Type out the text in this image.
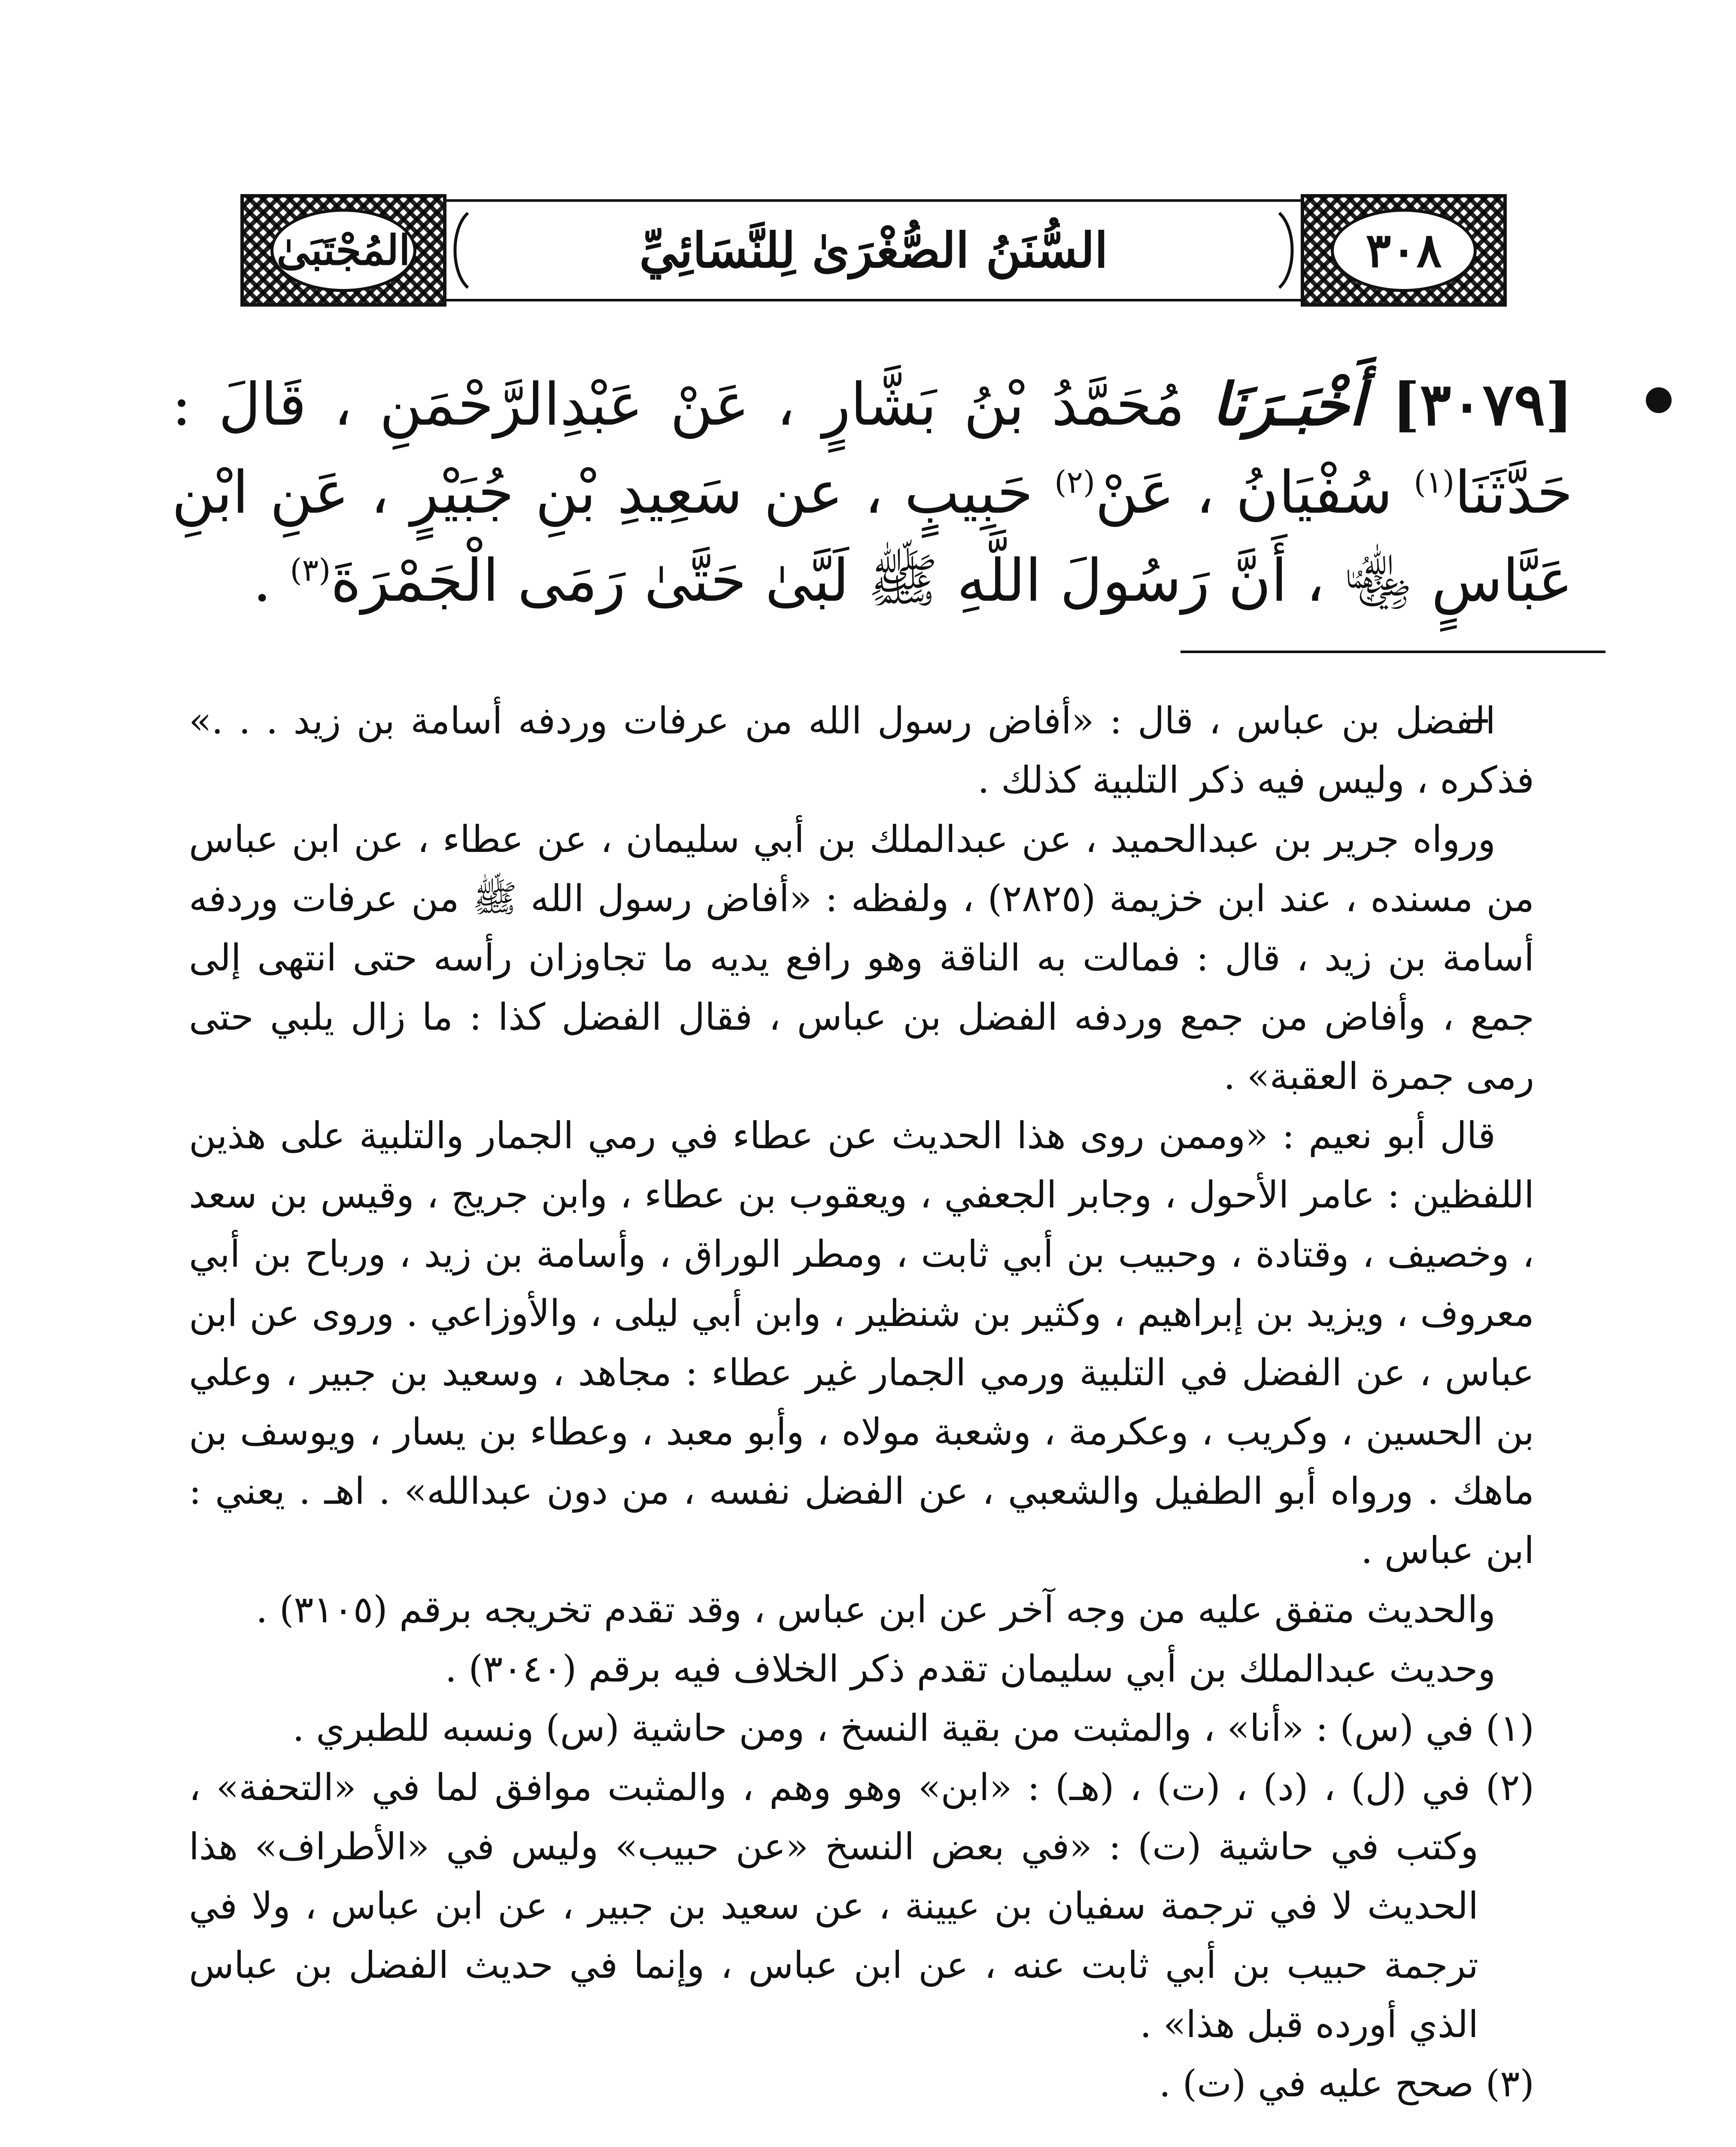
المُجْتَبَىٰ	السُّنَنُ الصُّغْرَىٰ لِلنَّسَائِيِّ	٣٠٨
[٣٠٧٩] أَخْبَـرَنَا مُحَمَّدُ بْنُ بَشَّارٍ ، عَنْ عَبْدِالرَّحْمَنِ ، قَالَ : حَدَّثَنَا$^{(١)}$ سُفْيَانُ ، عَنْ$^{(٢)}$ حَبِيبٍ ، عن سَعِيدِ بْنِ جُبَيْرٍ ، عَنِ ابْنِ عَبَّاسٍ ﵄ ، أَنَّ رَسُولَ اللَّهِ ﷺ لَبَّىٰ حَتَّىٰ رَمَى الْجَمْرَةَ$^{(٣)}$ .

الفضل بن عباس ، قال : «أفاض رسول الله من عرفات وردفه أسامة بن زيد . . .» فذكره ، وليس فيه ذكر التلبية كذلك .

ورواه جرير بن عبدالحميد ، عن عبدالملك بن أبي سليمان ، عن عطاء ، عن ابن عباس من مسنده ، عند ابن خزيمة (٢٨٢٥) ، ولفظه : «أفاض رسول الله ﷺ من عرفات وردفه أسامة بن زيد ، قال : فمالت به الناقة وهو رافع يديه ما تجاوزان رأسه حتى انتهى إلى جمع ، وأفاض من جمع وردفه الفضل بن عباس ، فقال الفضل كذا : ما زال يلبي حتى رمى جمرة العقبة» .

قال أبو نعيم : «وممن روى هذا الحديث عن عطاء في رمي الجمار والتلبية على هذين اللفظين : عامر الأحول ، وجابر الجعفي ، ويعقوب بن عطاء ، وابن جريج ، وقيس بن سعد ، وخصيف ، وقتادة ، وحبيب بن أبي ثابت ، ومطر الوراق ، وأسامة بن زيد ، ورباح بن أبي معروف ، ويزيد بن إبراهيم ، وكثير بن شنظير ، وابن أبي ليلى ، والأوزاعي . وروى عن ابن عباس ، عن الفضل في التلبية ورمي الجمار غير عطاء : مجاهد ، وسعيد بن جبير ، وعلي بن الحسين ، وكريب ، وعكرمة ، وشعبة مولاه ، وأبو معبد ، وعطاء بن يسار ، ويوسف بن ماهك . ورواه أبو الطفيل والشعبي ، عن الفضل نفسه ، من دون عبدالله» . اهـ . يعني : ابن عباس .

والحديث متفق عليه من وجه آخر عن ابن عباس ، وقد تقدم تخريجه برقم (٣١٠٥) .

وحديث عبدالملك بن أبي سليمان تقدم ذكر الخلاف فيه برقم (٣٠٤٠) .

(١) في (س) : «أنا» ، والمثبت من بقية النسخ ، ومن حاشية (س) ونسبه للطبري .

(٢) في (ل) ، (د) ، (ت) ، (هـ) : «ابن» وهو وهم ، والمثبت موافق لما في «التحفة» ، وكتب في حاشية (ت) : «في بعض النسخ «عن حبيب» وليس في «الأطراف» هذا الحديث لا في ترجمة سفيان بن عيينة ، عن سعيد بن جبير ، عن ابن عباس ، ولا في ترجمة حبيب بن أبي ثابت عنه ، عن ابن عباس ، وإنما في حديث الفضل بن عباس الذي أورده قبل هذا» .

(٣) صحح عليه في (ت) .
